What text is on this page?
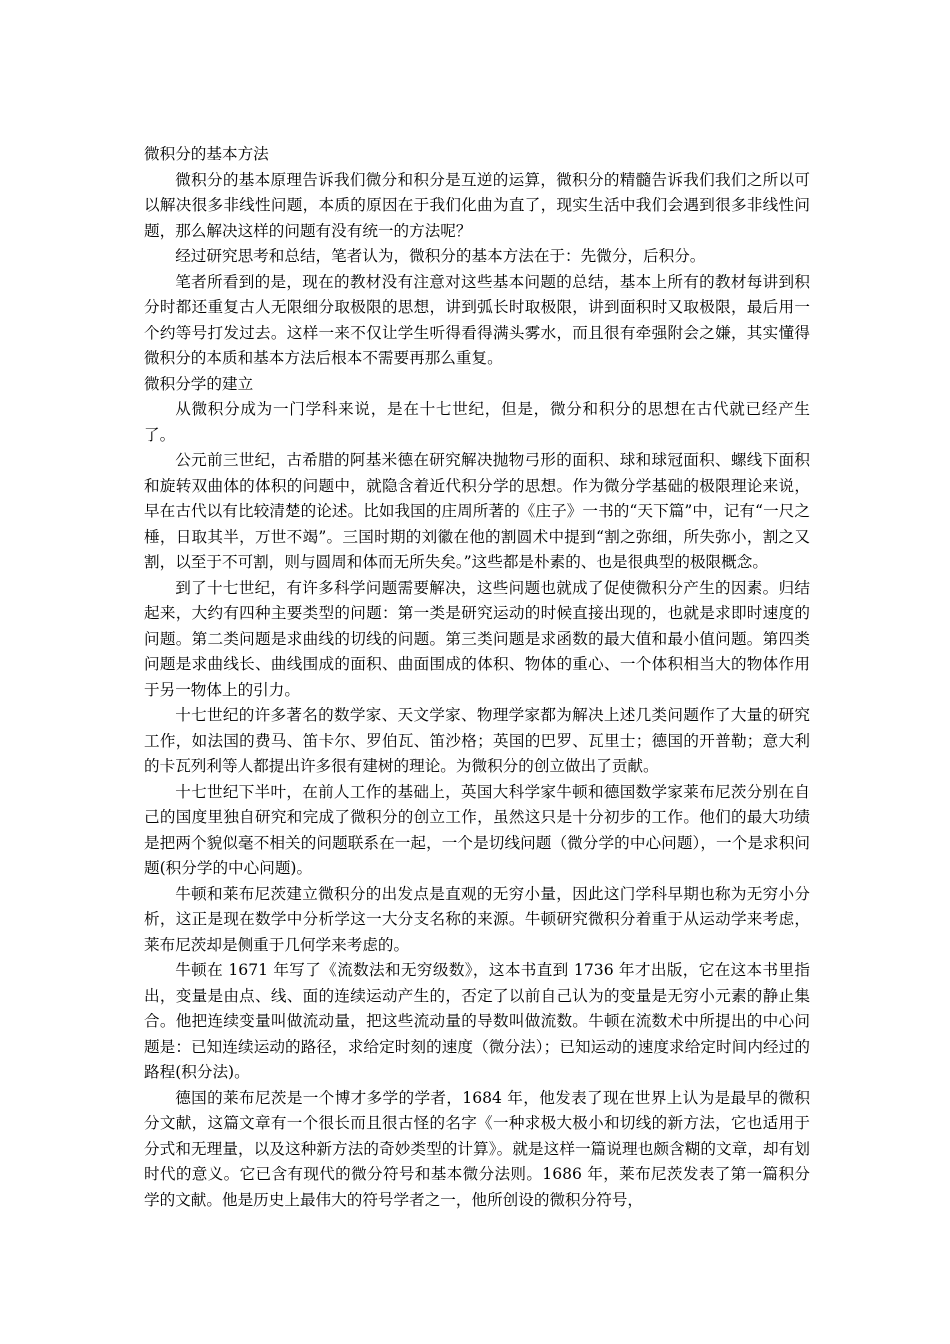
微积分的基本方法

微积分的基本原理告诉我们微分和积分是互逆的运算，微积分的精髓告诉我们我们之所以可以解决很多非线性问题，本质的原因在于我们化曲为直了，现实生活中我们会遇到很多非线性问题，那么解决这样的问题有没有统一的方法呢？

经过研究思考和总结，笔者认为，微积分的基本方法在于：先微分，后积分。

笔者所看到的是，现在的教材没有注意对这些基本问题的总结，基本上所有的教材每讲到积分时都还重复古人无限细分取极限的思想，讲到弧长时取极限，讲到面积时又取极限，最后用一个约等号打发过去。这样一来不仅让学生听得看得满头雾水，而且很有牵强附会之嫌，其实懂得微积分的本质和基本方法后根本不需要再那么重复。

微积分学的建立

从微积分成为一门学科来说，是在十七世纪，但是，微分和积分的思想在古代就已经产生了。

公元前三世纪，古希腊的阿基米德在研究解决抛物弓形的面积、球和球冠面积、螺线下面积和旋转双曲体的体积的问题中，就隐含着近代积分学的思想。作为微分学基础的极限理论来说，早在古代以有比较清楚的论述。比如我国的庄周所著的《庄子》一书的“天下篇”中，记有“一尺之棰，日取其半，万世不竭”。三国时期的刘徽在他的割圆术中提到“割之弥细，所失弥小，割之又割，以至于不可割，则与圆周和体而无所失矣。”这些都是朴素的、也是很典型的极限概念。

到了十七世纪，有许多科学问题需要解决，这些问题也就成了促使微积分产生的因素。归结起来，大约有四种主要类型的问题：第一类是研究运动的时候直接出现的，也就是求即时速度的问题。第二类问题是求曲线的切线的问题。第三类问题是求函数的最大值和最小值问题。第四类问题是求曲线长、曲线围成的面积、曲面围成的体积、物体的重心、一个体积相当大的物体作用于另一物体上的引力。

十七世纪的许多著名的数学家、天文学家、物理学家都为解决上述几类问题作了大量的研究工作，如法国的费马、笛卡尔、罗伯瓦、笛沙格；英国的巴罗、瓦里士；德国的开普勒；意大利的卡瓦列利等人都提出许多很有建树的理论。为微积分的创立做出了贡献。

十七世纪下半叶，在前人工作的基础上，英国大科学家牛顿和德国数学家莱布尼茨分别在自己的国度里独自研究和完成了微积分的创立工作，虽然这只是十分初步的工作。他们的最大功绩是把两个貌似毫不相关的问题联系在一起，一个是切线问题（微分学的中心问题），一个是求积问题(积分学的中心问题)。

牛顿和莱布尼茨建立微积分的出发点是直观的无穷小量，因此这门学科早期也称为无穷小分析，这正是现在数学中分析学这一大分支名称的来源。牛顿研究微积分着重于从运动学来考虑，莱布尼茨却是侧重于几何学来考虑的。

牛顿在 1671 年写了《流数法和无穷级数》，这本书直到 1736 年才出版，它在这本书里指出，变量是由点、线、面的连续运动产生的，否定了以前自己认为的变量是无穷小元素的静止集合。他把连续变量叫做流动量，把这些流动量的导数叫做流数。牛顿在流数术中所提出的中心问题是：已知连续运动的路径，求给定时刻的速度（微分法）；已知运动的速度求给定时间内经过的路程(积分法)。

德国的莱布尼茨是一个博才多学的学者，1684 年，他发表了现在世界上认为是最早的微积分文献，这篇文章有一个很长而且很古怪的名字《一种求极大极小和切线的新方法，它也适用于分式和无理量，以及这种新方法的奇妙类型的计算》。就是这样一篇说理也颇含糊的文章，却有划时代的意义。它已含有现代的微分符号和基本微分法则。1686 年，莱布尼茨发表了第一篇积分学的文献。他是历史上最伟大的符号学者之一，他所创设的微积分符号，
